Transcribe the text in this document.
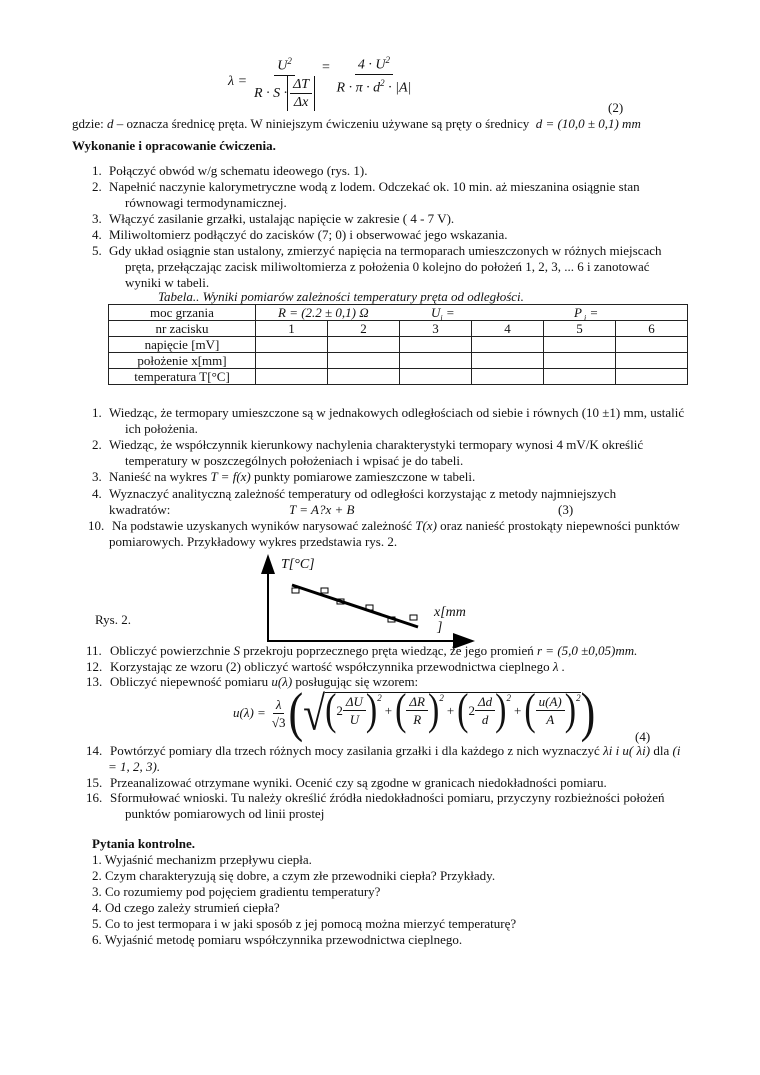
$\lambda = \frac{U^2}{R \cdot S \cdot \frac{\Delta T}{\Delta x}} = \frac{4 \cdot U^2}{R \cdot \pi \cdot d^2 \cdot |A|}$
(2)
gdzie: d – oznacza średnicę pręta. W niniejszym ćwiczeniu używane są pręty o średnicy d = (10,0 ± 0,1) mm
Wykonanie i opracowanie ćwiczenia.
1. Połączyć obwód w/g schematu ideowego (rys. 1).
2. Napełnić naczynie kalorymetryczne wodą z lodem. Odczekać ok. 10 min. aż mieszanina osiągnie stan
równowagi termodynamicznej.
3. Włączyć zasilanie grzałki, ustalając napięcie w zakresie ( 4 - 7 V).
4. Miliwoltomierz podłączyć do zacisków (7; 0) i obserwować jego wskazania.
5. Gdy układ osiągnie stan ustalony, zmierzyć napięcia na termoparach umieszczonych w różnych miejscach
pręta, przełączając zacisk miliwoltomierza z położenia 0 kolejno do położeń 1, 2, 3, ... 6 i zanotować
wyniki w tabeli.
Tabela.. Wyniki pomiarów zależności temperatury pręta od odległości.
moc grzania	R = (2.2 ± 0,1) Ω $U_i = P$ $_i$ =					

nr zacisku	1	2	3	4	5	6
napięcie [mV]						
położenie x[mm]						
temperatura T[°C]						
1. Wiedząc, że termopary umieszczone są w jednakowych odległościach od siebie i równych (10 ±1) mm, ustalić
ich położenia.
2. Wiedząc, że współczynnik kierunkowy nachylenia charakterystyki termopary wynosi 4 mV/K określić
temperatury w poszczególnych położeniach i wpisać je do tabeli.
3. Nanieść na wykres T = f(x) punkty pomiarowe zamieszczone w tabeli.
4. Wyznaczyć analityczną zależność temperatury od odległości korzystając z metody najmniejszych
kwadratów:	T = A?x + B	(3)
10. Na podstawie uzyskanych wyników narysować zależność T(x) oraz nanieść prostokąty niepewności punktów
pomiarowych. Przykładowy wykres przedstawia rys. 2.
T[°C]
x[mm
]
Rys. 2.
11. Obliczyć powierzchnie S przekroju poprzecznego pręta wiedząc, że jego promień r = (5,0 ±0,05)mm.
12. Korzystając ze wzoru (2) obliczyć wartość współczynnika przewodnictwa cieplnego λ .
13. Obliczyć niepewność pomiaru u(λ) posługując się wzorem:
$u(\lambda) = \frac{\lambda}{√3}$ ( √ ( $2 \frac{\Delta U}{U} )^2$
+ ( $\frac{\Delta R}{R} )^2$
+ ( $2 \frac{\Delta d}{d} )^2$
+ ( $\frac{u(A)}{A} )^2$ )	(4)
14. Powtórzyć pomiary dla trzech różnych mocy zasilania grzałki i dla każdego z nich wyznaczyć λi i u( λi) dla (i
= 1, 2, 3).
15. Przeanalizować otrzymane wyniki. Ocenić czy są zgodne w granicach niedokładności pomiaru.
16. Sformułować wnioski. Tu należy określić źródła niedokładności pomiaru, przyczyny rozbieżności położeń
punktów pomiarowych od linii prostej
Pytania kontrolne.
1. Wyjaśnić mechanizm przepływu ciepła.
2. Czym charakteryzują się dobre, a czym złe przewodniki ciepła? Przykłady.
3. Co rozumiemy pod pojęciem gradientu temperatury?
4. Od czego zależy strumień ciepła?
5. Co to jest termopara i w jaki sposób z jej pomocą można mierzyć temperaturę?
6. Wyjaśnić metodę pomiaru współczynnika przewodnictwa cieplnego.
